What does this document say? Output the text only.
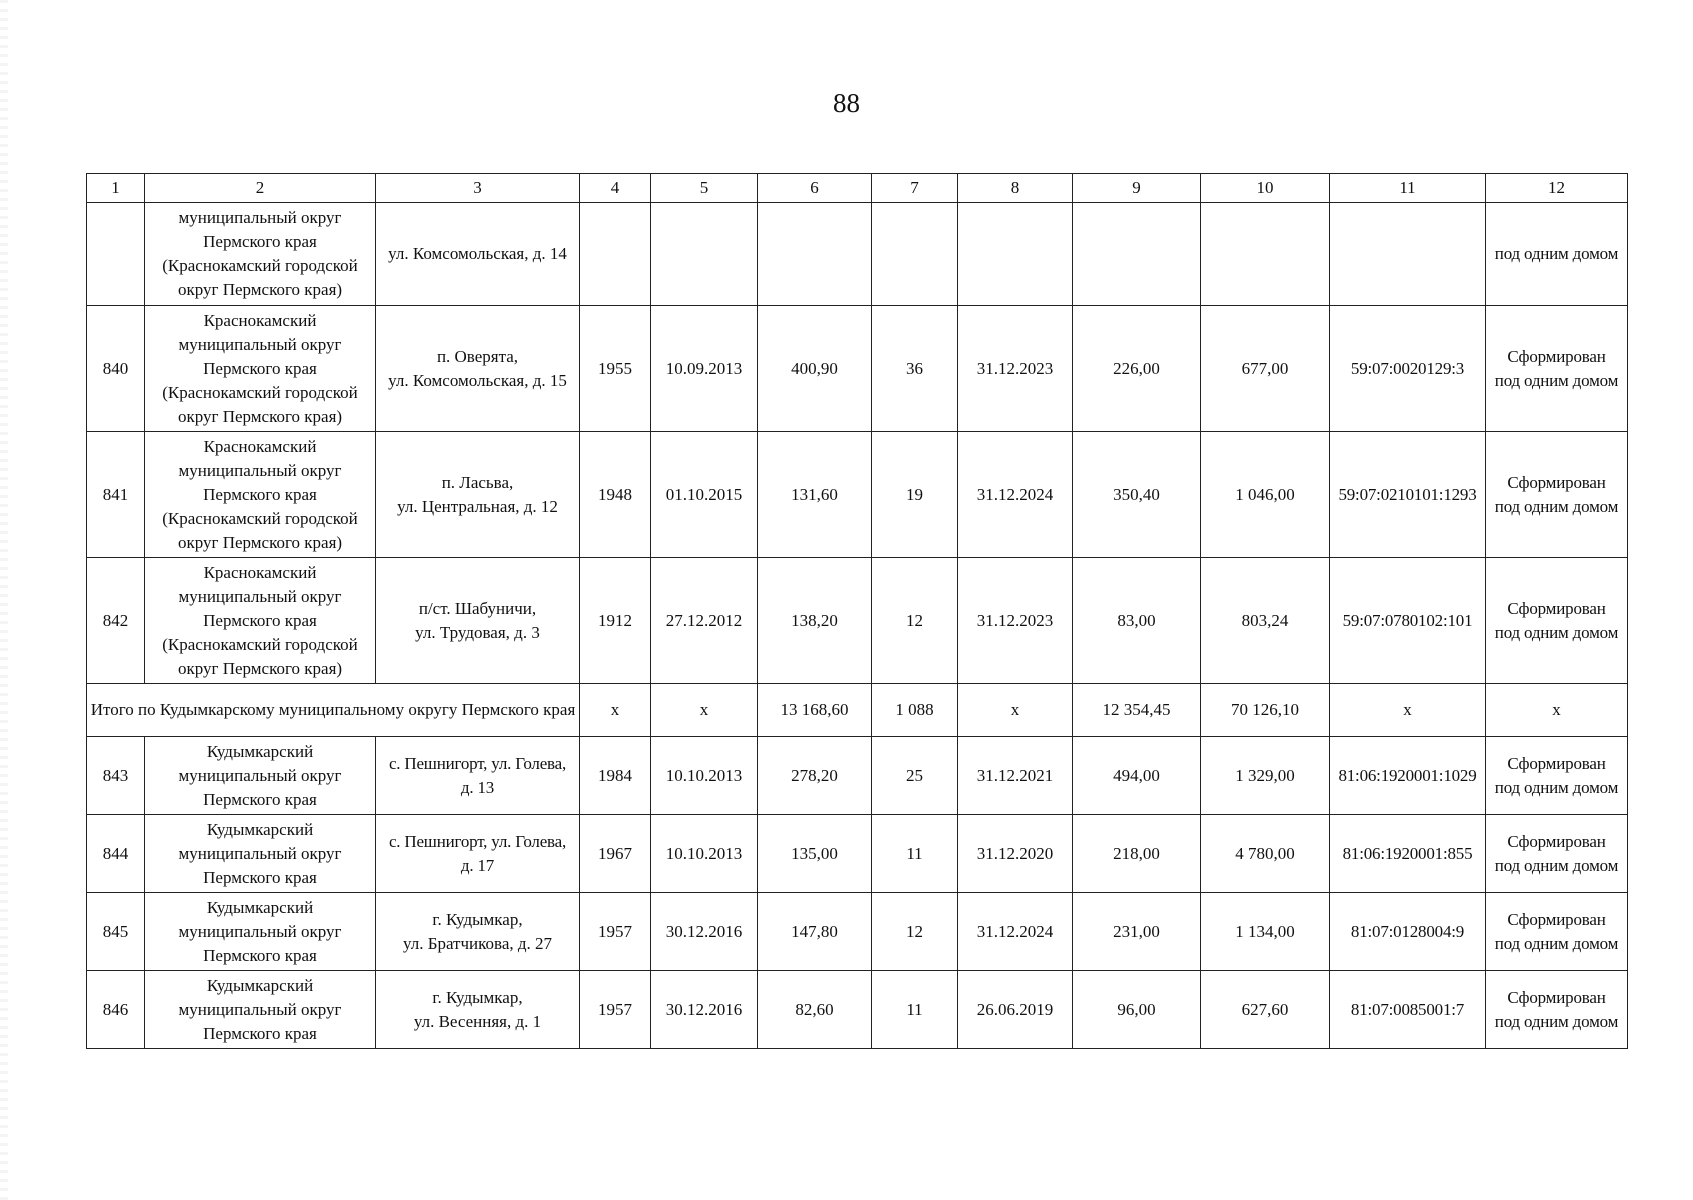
88
1	2	3	4	5	6	7	8	9	10	11	12

	муниципальный округ
Пермского края
(Краснокамский городской
округ Пермского края)	ул. Комсомольская, д. 14									под одним домом

840	Краснокамский
муниципальный округ
Пермского края
(Краснокамский городской
округ Пермского края)	п. Оверята,
ул. Комсомольская, д. 15	1955	10.09.2013	400,90	36	31.12.2023	226,00	677,00	59:07:0020129:3	Сформирован
под одним домом

841	Краснокамский
муниципальный округ
Пермского края
(Краснокамский городской
округ Пермского края)	п. Ласьва,
ул. Центральная, д. 12	1948	01.10.2015	131,60	19	31.12.2024	350,40	1 046,00	59:07:0210101:1293	Сформирован
под одним домом

842	Краснокамский
муниципальный округ
Пермского края
(Краснокамский городской
округ Пермского края)	п/ст. Шабуничи,
ул. Трудовая, д. 3	1912	27.12.2012	138,20	12	31.12.2023	83,00	803,24	59:07:0780102:101	Сформирован
под одним домом

Итого по Кудымкарскому муниципальному округу Пермского края			х	х	13 168,60	1 088	х	12 354,45	70 126,10	х	х
843	Кудымкарский
муниципальный округ
Пермского края	с. Пешнигорт, ул. Голева,
д. 13	1984	10.10.2013	278,20	25	31.12.2021	494,00	1 329,00	81:06:1920001:1029	Сформирован
под одним домом

844	Кудымкарский
муниципальный округ
Пермского края	с. Пешнигорт, ул. Голева,
д. 17	1967	10.10.2013	135,00	11	31.12.2020	218,00	4 780,00	81:06:1920001:855	Сформирован
под одним домом

845	Кудымкарский
муниципальный округ
Пермского края	г. Кудымкар,
ул. Братчикова, д. 27	1957	30.12.2016	147,80	12	31.12.2024	231,00	1 134,00	81:07:0128004:9	Сформирован
под одним домом

846	Кудымкарский
муниципальный округ
Пермского края	г. Кудымкар,
ул. Весенняя, д. 1	1957	30.12.2016	82,60	11	26.06.2019	96,00	627,60	81:07:0085001:7	Сформирован
под одним домом
